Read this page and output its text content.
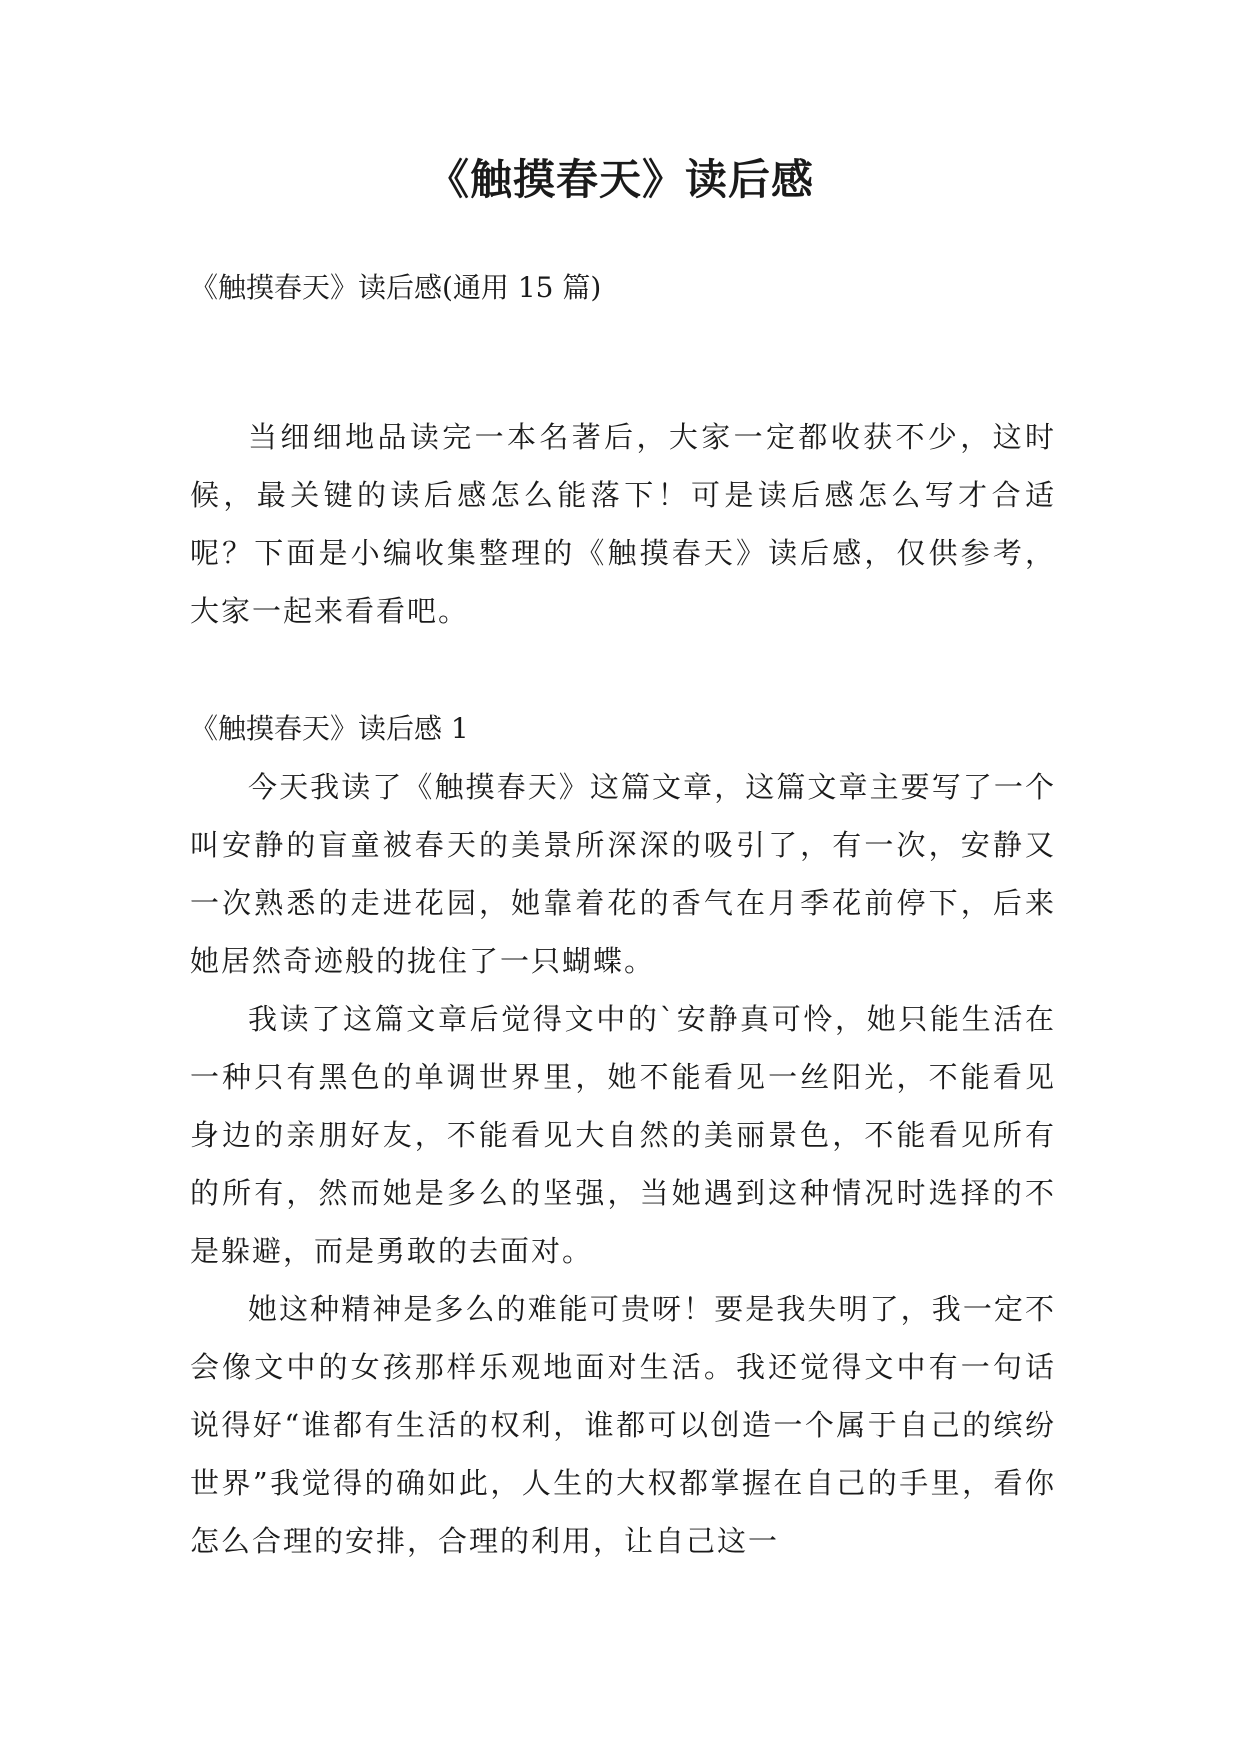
《触摸春天》读后感
《触摸春天》读后感(通用 15 篇)

当细细地品读完一本名著后，大家一定都收获不少，这时候，最关键的读后感怎么能落下！可是读后感怎么写才合适呢？下面是小编收集整理的《触摸春天》读后感，仅供参考，大家一起来看看吧。

《触摸春天》读后感 1

今天我读了《触摸春天》这篇文章，这篇文章主要写了一个叫安静的盲童被春天的美景所深深的吸引了，有一次，安静又一次熟悉的走进花园，她靠着花的香气在月季花前停下，后来她居然奇迹般的拢住了一只蝴蝶。

我读了这篇文章后觉得文中的`安静真可怜，她只能生活在一种只有黑色的单调世界里，她不能看见一丝阳光，不能看见身边的亲朋好友，不能看见大自然的美丽景色，不能看见所有的所有，然而她是多么的坚强，当她遇到这种情况时选择的不是躲避，而是勇敢的去面对。

她这种精神是多么的难能可贵呀！要是我失明了，我一定不会像文中的女孩那样乐观地面对生活。我还觉得文中有一句话说得好“谁都有生活的权利，谁都可以创造一个属于自己的缤纷世界”我觉得的确如此，人生的大权都掌握在自己的手里，看你怎么合理的安排，合理的利用，让自己这一
